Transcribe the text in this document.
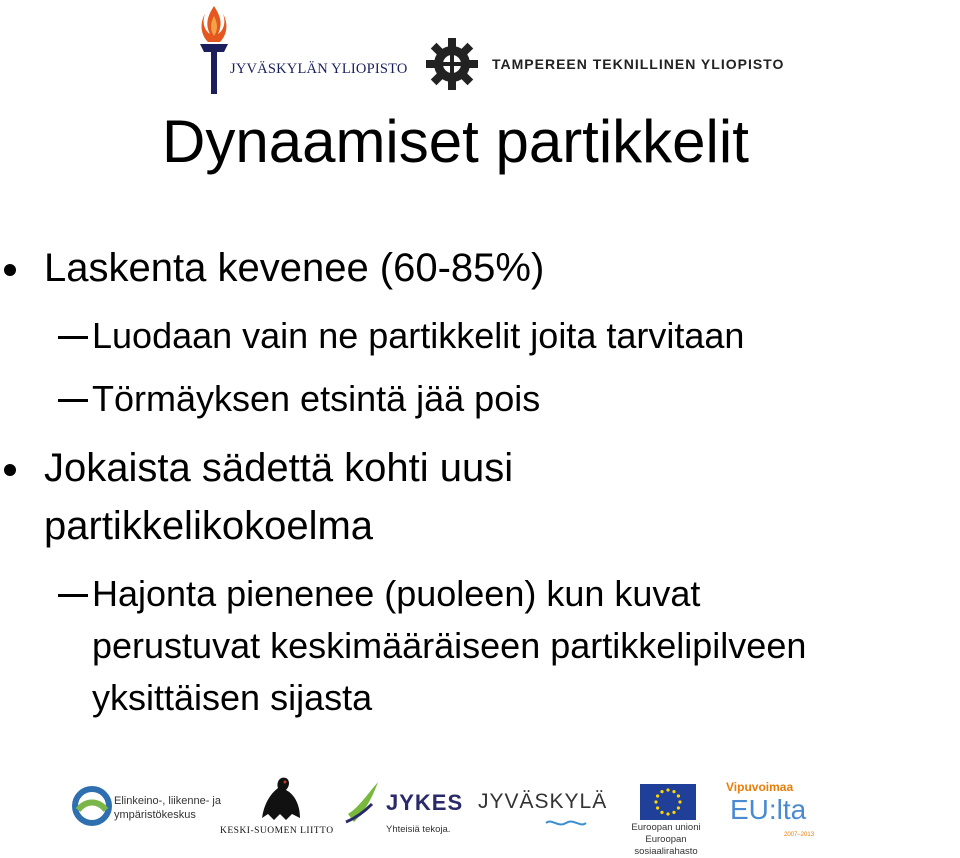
JYVÄSKYLÄN YLIOPISTO	TAMPEREEN TEKNILLINEN YLIOPISTO
Dynaamiset partikkelit
Laskenta kevenee (60-85%)
Luodaan vain ne partikkelit joita tarvitaan
Törmäyksen etsintä jää pois
Jokaista sädettä kohti uusi
partikkelikokoelma
Hajonta pienenee (puoleen) kun kuvat
perustuvat keskimääräiseen partikkelipilveen
yksittäisen sijasta
Elinkeino-, liikenne- ja
ympäristökeskus
KESKI-SUOMEN LIITTO
JYKES
Yhteisiä tekoja.
JYVÄSKYLÄ
Euroopan unioni
Euroopan sosiaalirahasto
Vipuvoimaa
EU:lta
2007–2013
